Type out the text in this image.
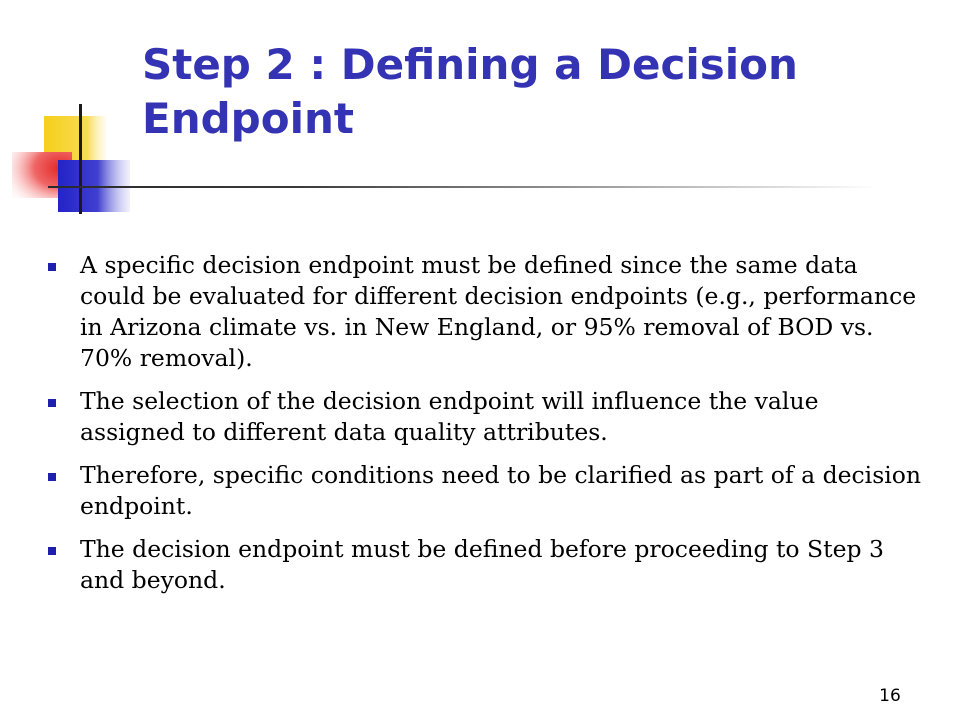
Step 2 : Defining a Decision Endpoint
A specific decision endpoint must be defined since the same data could be evaluated for different decision endpoints (e.g., performance in Arizona climate vs. in New England, or 95% removal of BOD vs. 70% removal).
The selection of the decision endpoint will influence the value assigned to different data quality attributes.
Therefore, specific conditions need to be clarified as part of a decision endpoint.
The decision endpoint must be defined before proceeding to Step 3 and beyond.
16
